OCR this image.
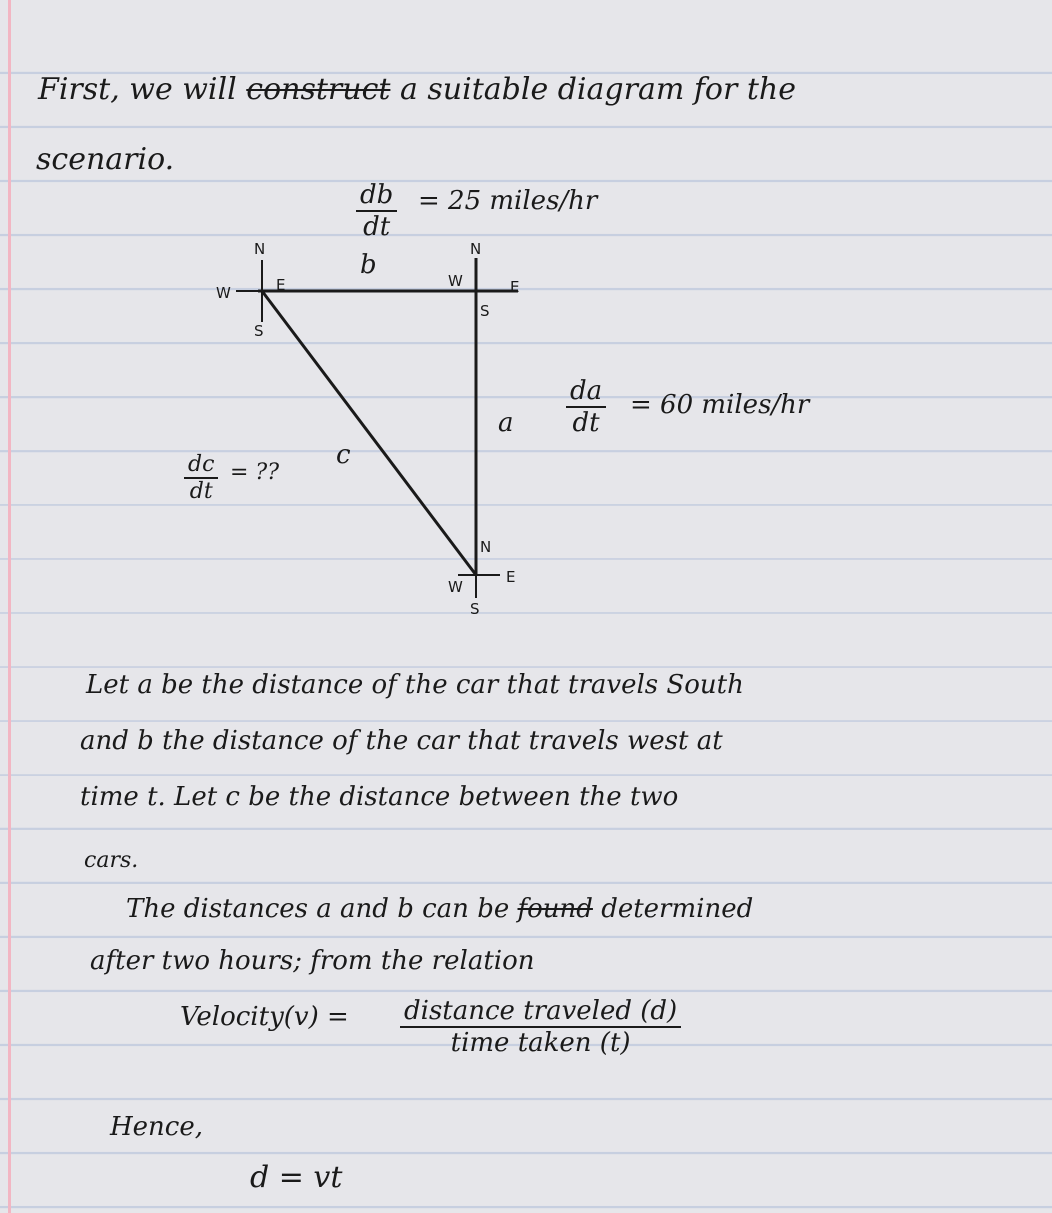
First, we will construct a suitable diagram for the
scenario.
$\frac{db}{dt} = 25$ miles/hr
N
E
S
W
N
E
S
W
N
E
S
W
b
a
c
$\frac{da}{dt} = 60$ miles/hr
$\frac{dc}{dt}$ = ??
Let a be the distance of the car that travels South
and b the distance of the car that travels west at
time t. Let c be the distance between the two
cars.
The distances a and b can be found determined
after two hours; from the relation
Velocity(v) = distance traveled (d)
time taken (t)
Hence,
d = vt
